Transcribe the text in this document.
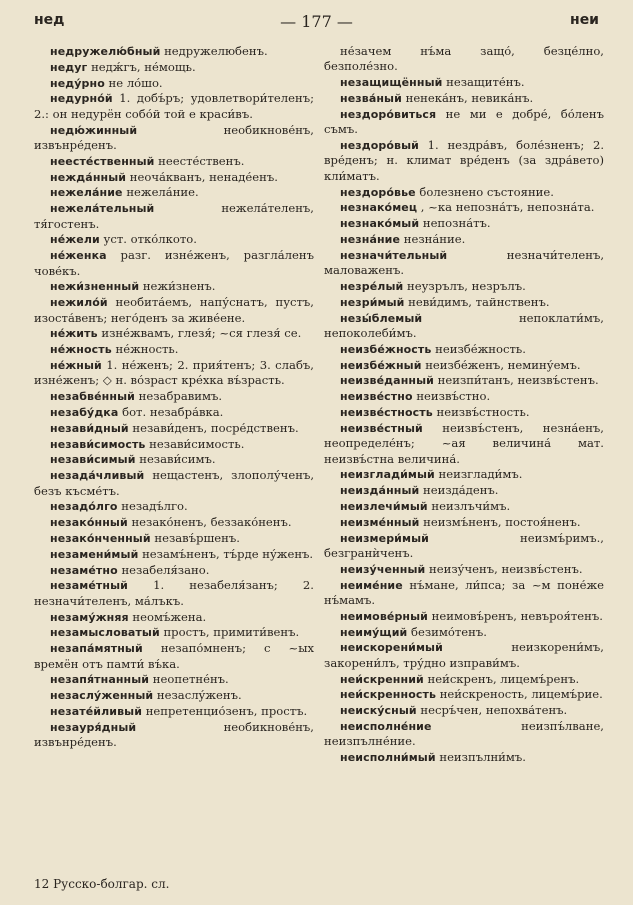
нед	— 177 —	неи

недружелю́бный недружелюбенъ.

недуг недж́гъ, не́мощь.

неду́рно не ло́шо.

недурно́й 1. добъ́ръ; удовлетвори́теленъ; 2.: он недурён собо́й той е краси́въ.

недю́жинный	необикнове́нъ, извънре́денъ.

неесте́ственный неесте́ственъ.

нежда́нный неоча́кванъ, ненаде́енъ.

нежела́ние нежела́ние.

нежела́тельный	нежела́теленъ, тя́гостенъ.

не́жели уст. отко́лкото.

не́женка разг. изне́женъ, разгла́ленъ чове́къ.

нежи́зненный нежи́зненъ.

нежило́й необита́емъ, напу́снатъ, пустъ, изоста́венъ; него́денъ за живе́ене.

не́жить изне́жвамъ, глезя́; ~ся глезя́ се.

не́жность не́жность.

не́жный 1. не́женъ; 2. прия́тенъ; 3. слабъ, изне́женъ; ◇ н. во́зраст кре́хка въ́зрасть.

незабве́нный незабравимъ.

незабу́дка бот. незабра́вка.

незави́дный незави́денъ, посре́дственъ.

незави́симость незави́симость.

незави́симый незави́симъ.

незада́чливый нещастенъ, злополу́ченъ, безъ късме́тъ.

незадо́лго незадъ́лго.

незако́нный незако́ненъ, беззако́ненъ.

незако́нченный незавъ́ршенъ.

незамени́мый незамъ́ненъ, тъ́рде ну́женъ.

незаме́тно незабеля́зано.

незаме́тный 1. незабеля́занъ; 2. незначи́теленъ, ма́лъкъ.

незаму́жняя неомъ́жена.

незамысловатый простъ, примити́венъ.

незапа́мятный незапо́мненъ; с ~ых времён отъ памти́ въ́ка.

незапя́тнанный неопетне́нъ.

незаслу́женный незаслу́женъ.

незате́йливый непретенцио́зенъ, простъ.

незауря́дный	необикнове́нъ, извънре́денъ.

не́зачем нъ́ма защо́, безце́лно, безполе́зно.

незащищённый незащите́нъ.

незва́ный ненека́нъ, невика́нъ.

нездоро́виться не ми е добре́, бо́ленъ съмъ.

нездоро́вый 1. нездра́въ, боле́зненъ; 2. вре́денъ; н. климат вре́денъ (за здра́вето) кли́матъ.

нездоро́вье болезнено състояние.

незнако́мец , ~ка непозна́тъ, непозна́та.

незнако́мый непозна́тъ.

незна́ние незна́ние.

незначи́тельный	незначи́теленъ, маловаженъ.

незре́лый неузрълъ, незрълъ.

незри́мый неви́димъ, тайнственъ.

незы́блемый	непоклати́мъ, непоколеби́мъ.

неизбе́жность неизбе́жность.

неизбе́жный неизбе́женъ, немину́емъ.

неизве́данный неизпи́танъ, неизвъ́стенъ.

неизве́стно неизвъ́стно.

неизве́стность неизвъ́стность.

неизве́стный неизвъ́стенъ, незна́енъ, неопределе́нъ; ~ая величина́ мат. неизвъ́стна величина́.

неизглади́мый неизглади́мъ.

неизда́нный неизда́денъ.

неизлечи́мый неизлъчи́мъ.

неизме́нный неизмъ́ненъ, постоя́ненъ.

неизмери́мый	неизмъ́римъ., безгранѝченъ.

неизу́ченный неизу́ченъ, неизвъ́стенъ.

неиме́ние нъ́мане, ли́пса; за ~м поне́же нъ́мамъ.

неимове́рный неимовъ́ренъ, невъроя́тенъ.

неиму́щий безимо́тенъ.

неискорени́мый	неизкорени́мъ, закорени́лъ, тру́дно изправи́мъ.

неи́скренний неи́скренъ, лицемъ́ренъ.

неи́скренность неи́скреность, лицемъ́рие.

неиску́сный несръ́чен, непохва́тенъ.

неисполне́ние	неизпъ́лване, неизпълне́ние.

неисполни́мый неизпълни́мъ.

12 Русско-болгар. сл.
